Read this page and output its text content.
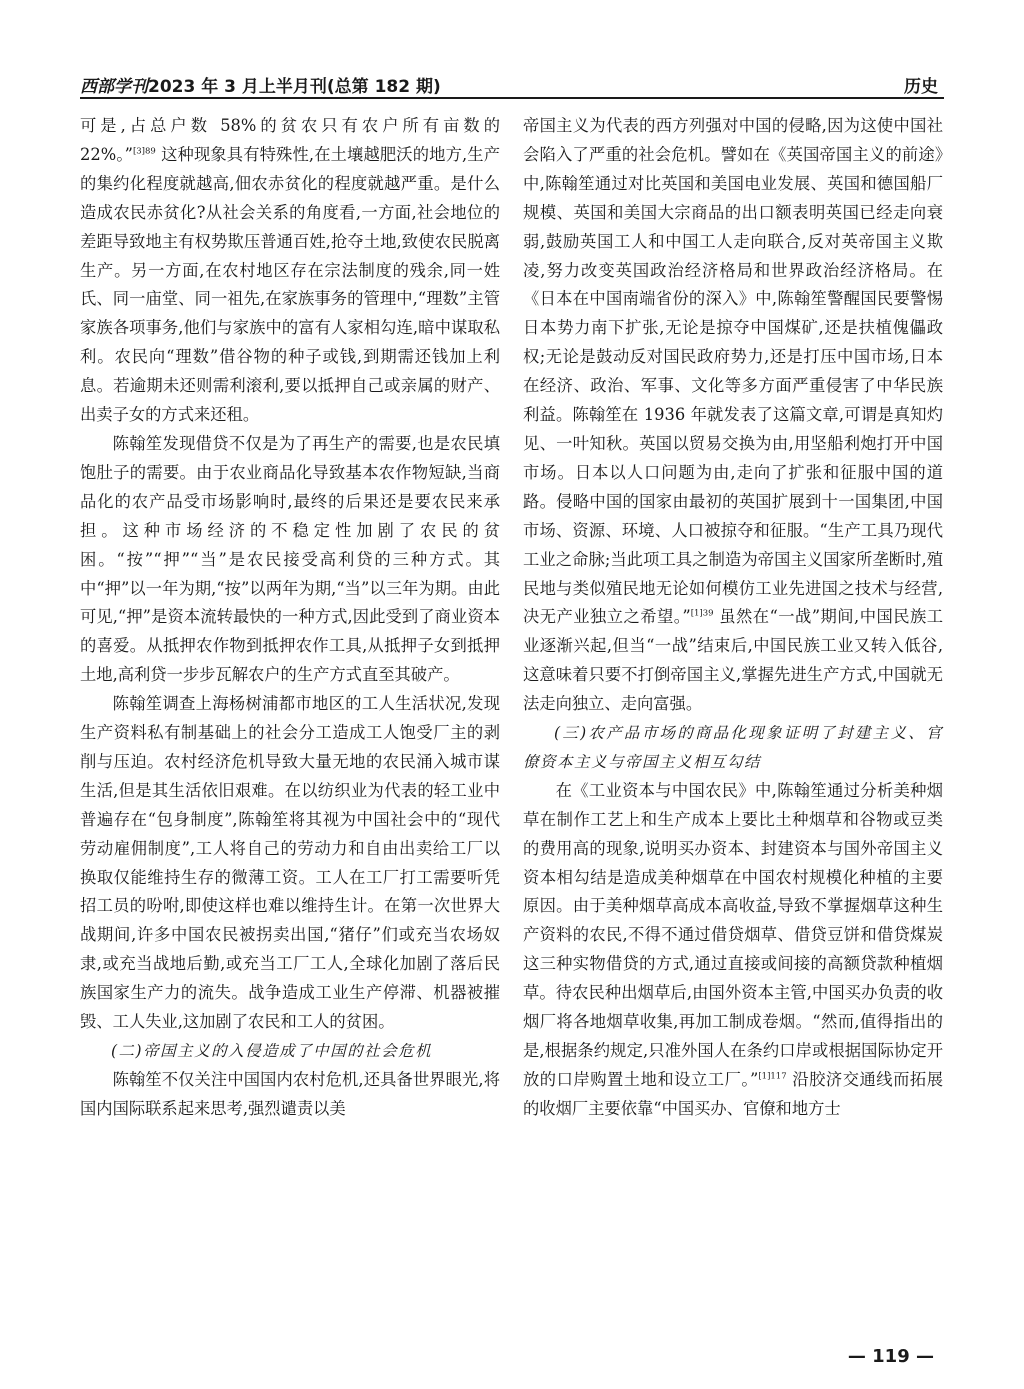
西部学刊2023 年 3 月上半月刊(总第 182 期)	历史

可是,占总户数 58%的贫农只有农户所有亩数的 22%。”$^{[3]89}$ 这种现象具有特殊性,在土壤越肥沃的地方,生产的集约化程度就越高,佃农赤贫化的程度就越严重。是什么造成农民赤贫化?从社会关系的角度看,一方面,社会地位的差距导致地主有权势欺压普通百姓,抢夺土地,致使农民脱离生产。另一方面,在农村地区存在宗法制度的残余,同一姓氏、同一庙堂、同一祖先,在家族事务的管理中,“理数”主管家族各项事务,他们与家族中的富有人家相勾连,暗中谋取私利。农民向“理数”借谷物的种子或钱,到期需还钱加上利息。若逾期未还则需利滚利,要以抵押自己或亲属的财产、出卖子女的方式来还租。

陈翰笙发现借贷不仅是为了再生产的需要,也是农民填饱肚子的需要。由于农业商品化导致基本农作物短缺,当商品化的农产品受市场影响时,最终的后果还是要农民来承担。这种市场经济的不稳定性加剧了农民的贫困。“按”“押”“当”是农民接受高利贷的三种方式。其中“押”以一年为期,“按”以两年为期,“当”以三年为期。由此可见,“押”是资本流转最快的一种方式,因此受到了商业资本的喜爱。从抵押农作物到抵押农作工具,从抵押子女到抵押土地,高利贷一步步瓦解农户的生产方式直至其破产。

陈翰笙调查上海杨树浦都市地区的工人生活状况,发现生产资料私有制基础上的社会分工造成工人饱受厂主的剥削与压迫。农村经济危机导致大量无地的农民涌入城市谋生活,但是其生活依旧艰难。在以纺织业为代表的轻工业中普遍存在“包身制度”,陈翰笙将其视为中国社会中的“现代劳动雇佣制度”,工人将自己的劳动力和自由出卖给工厂以换取仅能维持生存的微薄工资。工人在工厂打工需要听凭招工员的吩咐,即使这样也难以维持生计。在第一次世界大战期间,许多中国农民被拐卖出国,“猪仔”们或充当农场奴隶,或充当战地后勤,或充当工厂工人,全球化加剧了落后民族国家生产力的流失。战争造成工业生产停滞、机器被摧毁、工人失业,这加剧了农民和工人的贫困。

(二)帝国主义的入侵造成了中国的社会危机

陈翰笙不仅关注中国国内农村危机,还具备世界眼光,将国内国际联系起来思考,强烈谴责以美

帝国主义为代表的西方列强对中国的侵略,因为这使中国社会陷入了严重的社会危机。譬如在《英国帝国主义的前途》中,陈翰笙通过对比英国和美国电业发展、英国和德国船厂规模、英国和美国大宗商品的出口额表明英国已经走向衰弱,鼓励英国工人和中国工人走向联合,反对英帝国主义欺凌,努力改变英国政治经济格局和世界政治经济格局。在《日本在中国南端省份的深入》中,陈翰笙警醒国民要警惕日本势力南下扩张,无论是掠夺中国煤矿,还是扶植傀儡政权;无论是鼓动反对国民政府势力,还是打压中国市场,日本在经济、政治、军事、文化等多方面严重侵害了中华民族利益。陈翰笙在 1936 年就发表了这篇文章,可谓是真知灼见、一叶知秋。英国以贸易交换为由,用坚船利炮打开中国市场。日本以人口问题为由,走向了扩张和征服中国的道路。侵略中国的国家由最初的英国扩展到十一国集团,中国市场、资源、环境、人口被掠夺和征服。“生产工具乃现代工业之命脉;当此项工具之制造为帝国主义国家所垄断时,殖民地与类似殖民地无论如何模仿工业先进国之技术与经营,决无产业独立之希望。”$^{[1]39}$ 虽然在“一战”期间,中国民族工业逐渐兴起,但当“一战”结束后,中国民族工业又转入低谷,这意味着只要不打倒帝国主义,掌握先进生产方式,中国就无法走向独立、走向富强。

(三)农产品市场的商品化现象证明了封建主义、官僚资本主义与帝国主义相互勾结

在《工业资本与中国农民》中,陈翰笙通过分析美种烟草在制作工艺上和生产成本上要比土种烟草和谷物或豆类的费用高的现象,说明买办资本、封建资本与国外帝国主义资本相勾结是造成美种烟草在中国农村规模化种植的主要原因。由于美种烟草高成本高收益,导致不掌握烟草这种生产资料的农民,不得不通过借贷烟草、借贷豆饼和借贷煤炭这三种实物借贷的方式,通过直接或间接的高额贷款种植烟草。待农民种出烟草后,由国外资本主管,中国买办负责的收烟厂将各地烟草收集,再加工制成卷烟。“然而,值得指出的是,根据条约规定,只准外国人在条约口岸或根据国际协定开放的口岸购置土地和设立工厂。”$^{[1]117}$ 沿胶济交通线而拓展的收烟厂主要依靠“中国买办、官僚和地方士

— 119 —
